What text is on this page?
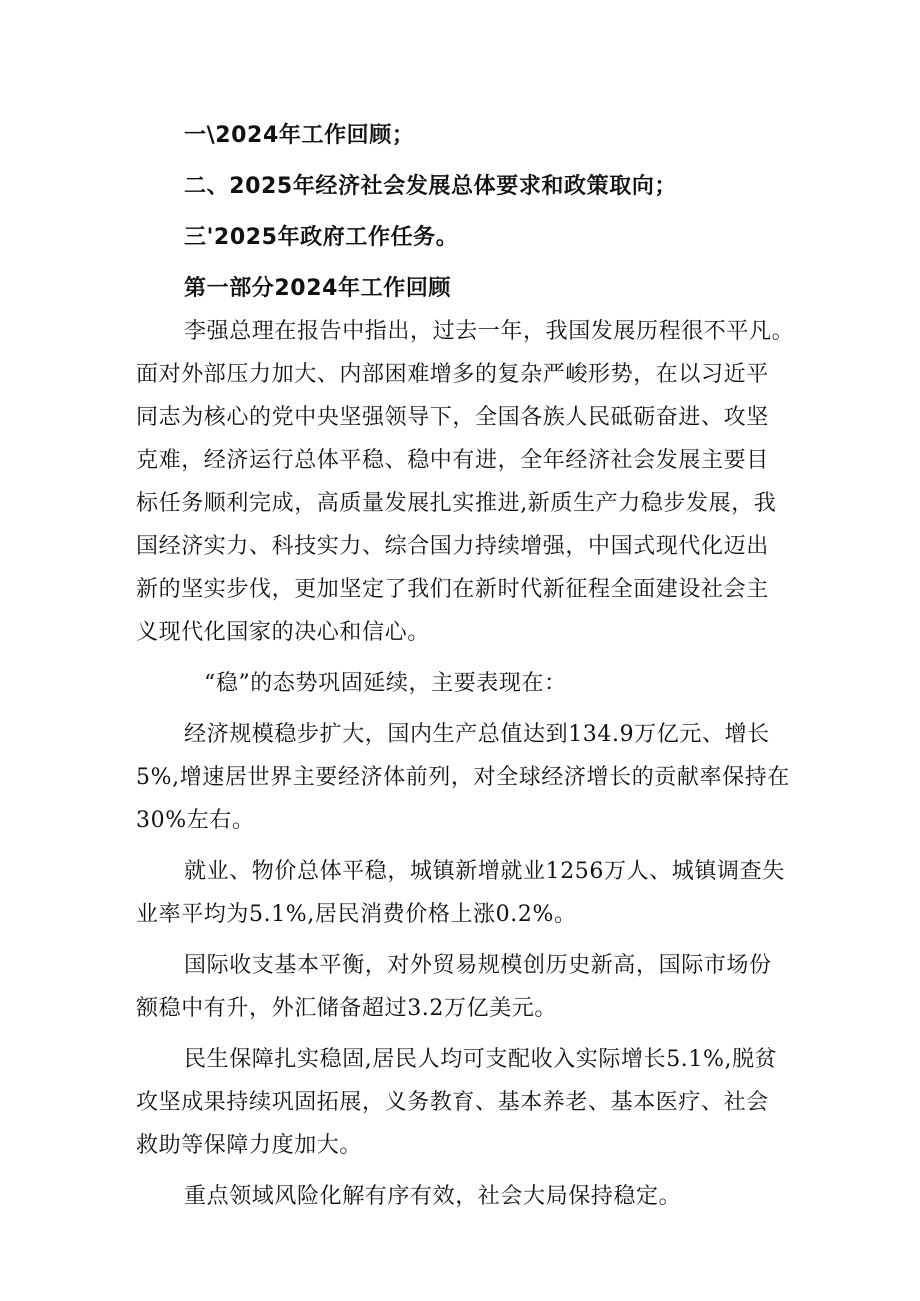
一\2024年工作回顾；
二、2025年经济社会发展总体要求和政策取向；
三'2025年政府工作任务。
第一部分2024年工作回顾
李强总理在报告中指出，过去一年，我国发展历程很不平凡。
面对外部压力加大、内部困难增多的复杂严峻形势，在以习近平
同志为核心的党中央坚强领导下，全国各族人民砥砺奋进、攻坚
克难，经济运行总体平稳、稳中有进，全年经济社会发展主要目
标任务顺利完成，高质量发展扎实推进,新质生产力稳步发展，我
国经济实力、科技实力、综合国力持续增强，中国式现代化迈出
新的坚实步伐，更加坚定了我们在新时代新征程全面建设社会主
义现代化国家的决心和信心。
“稳”的态势巩固延续，主要表现在：
经济规模稳步扩大，国内生产总值达到134.9万亿元、增长
5%,增速居世界主要经济体前列，对全球经济增长的贡献率保持在
30%左右。
就业、物价总体平稳，城镇新增就业1256万人、城镇调查失
业率平均为5.1%,居民消费价格上涨0.2%。
国际收支基本平衡，对外贸易规模创历史新高，国际市场份
额稳中有升，外汇储备超过3.2万亿美元。
民生保障扎实稳固,居民人均可支配收入实际增长5.1%,脱贫
攻坚成果持续巩固拓展，义务教育、基本养老、基本医疗、社会
救助等保障力度加大。
重点领域风险化解有序有效，社会大局保持稳定。
